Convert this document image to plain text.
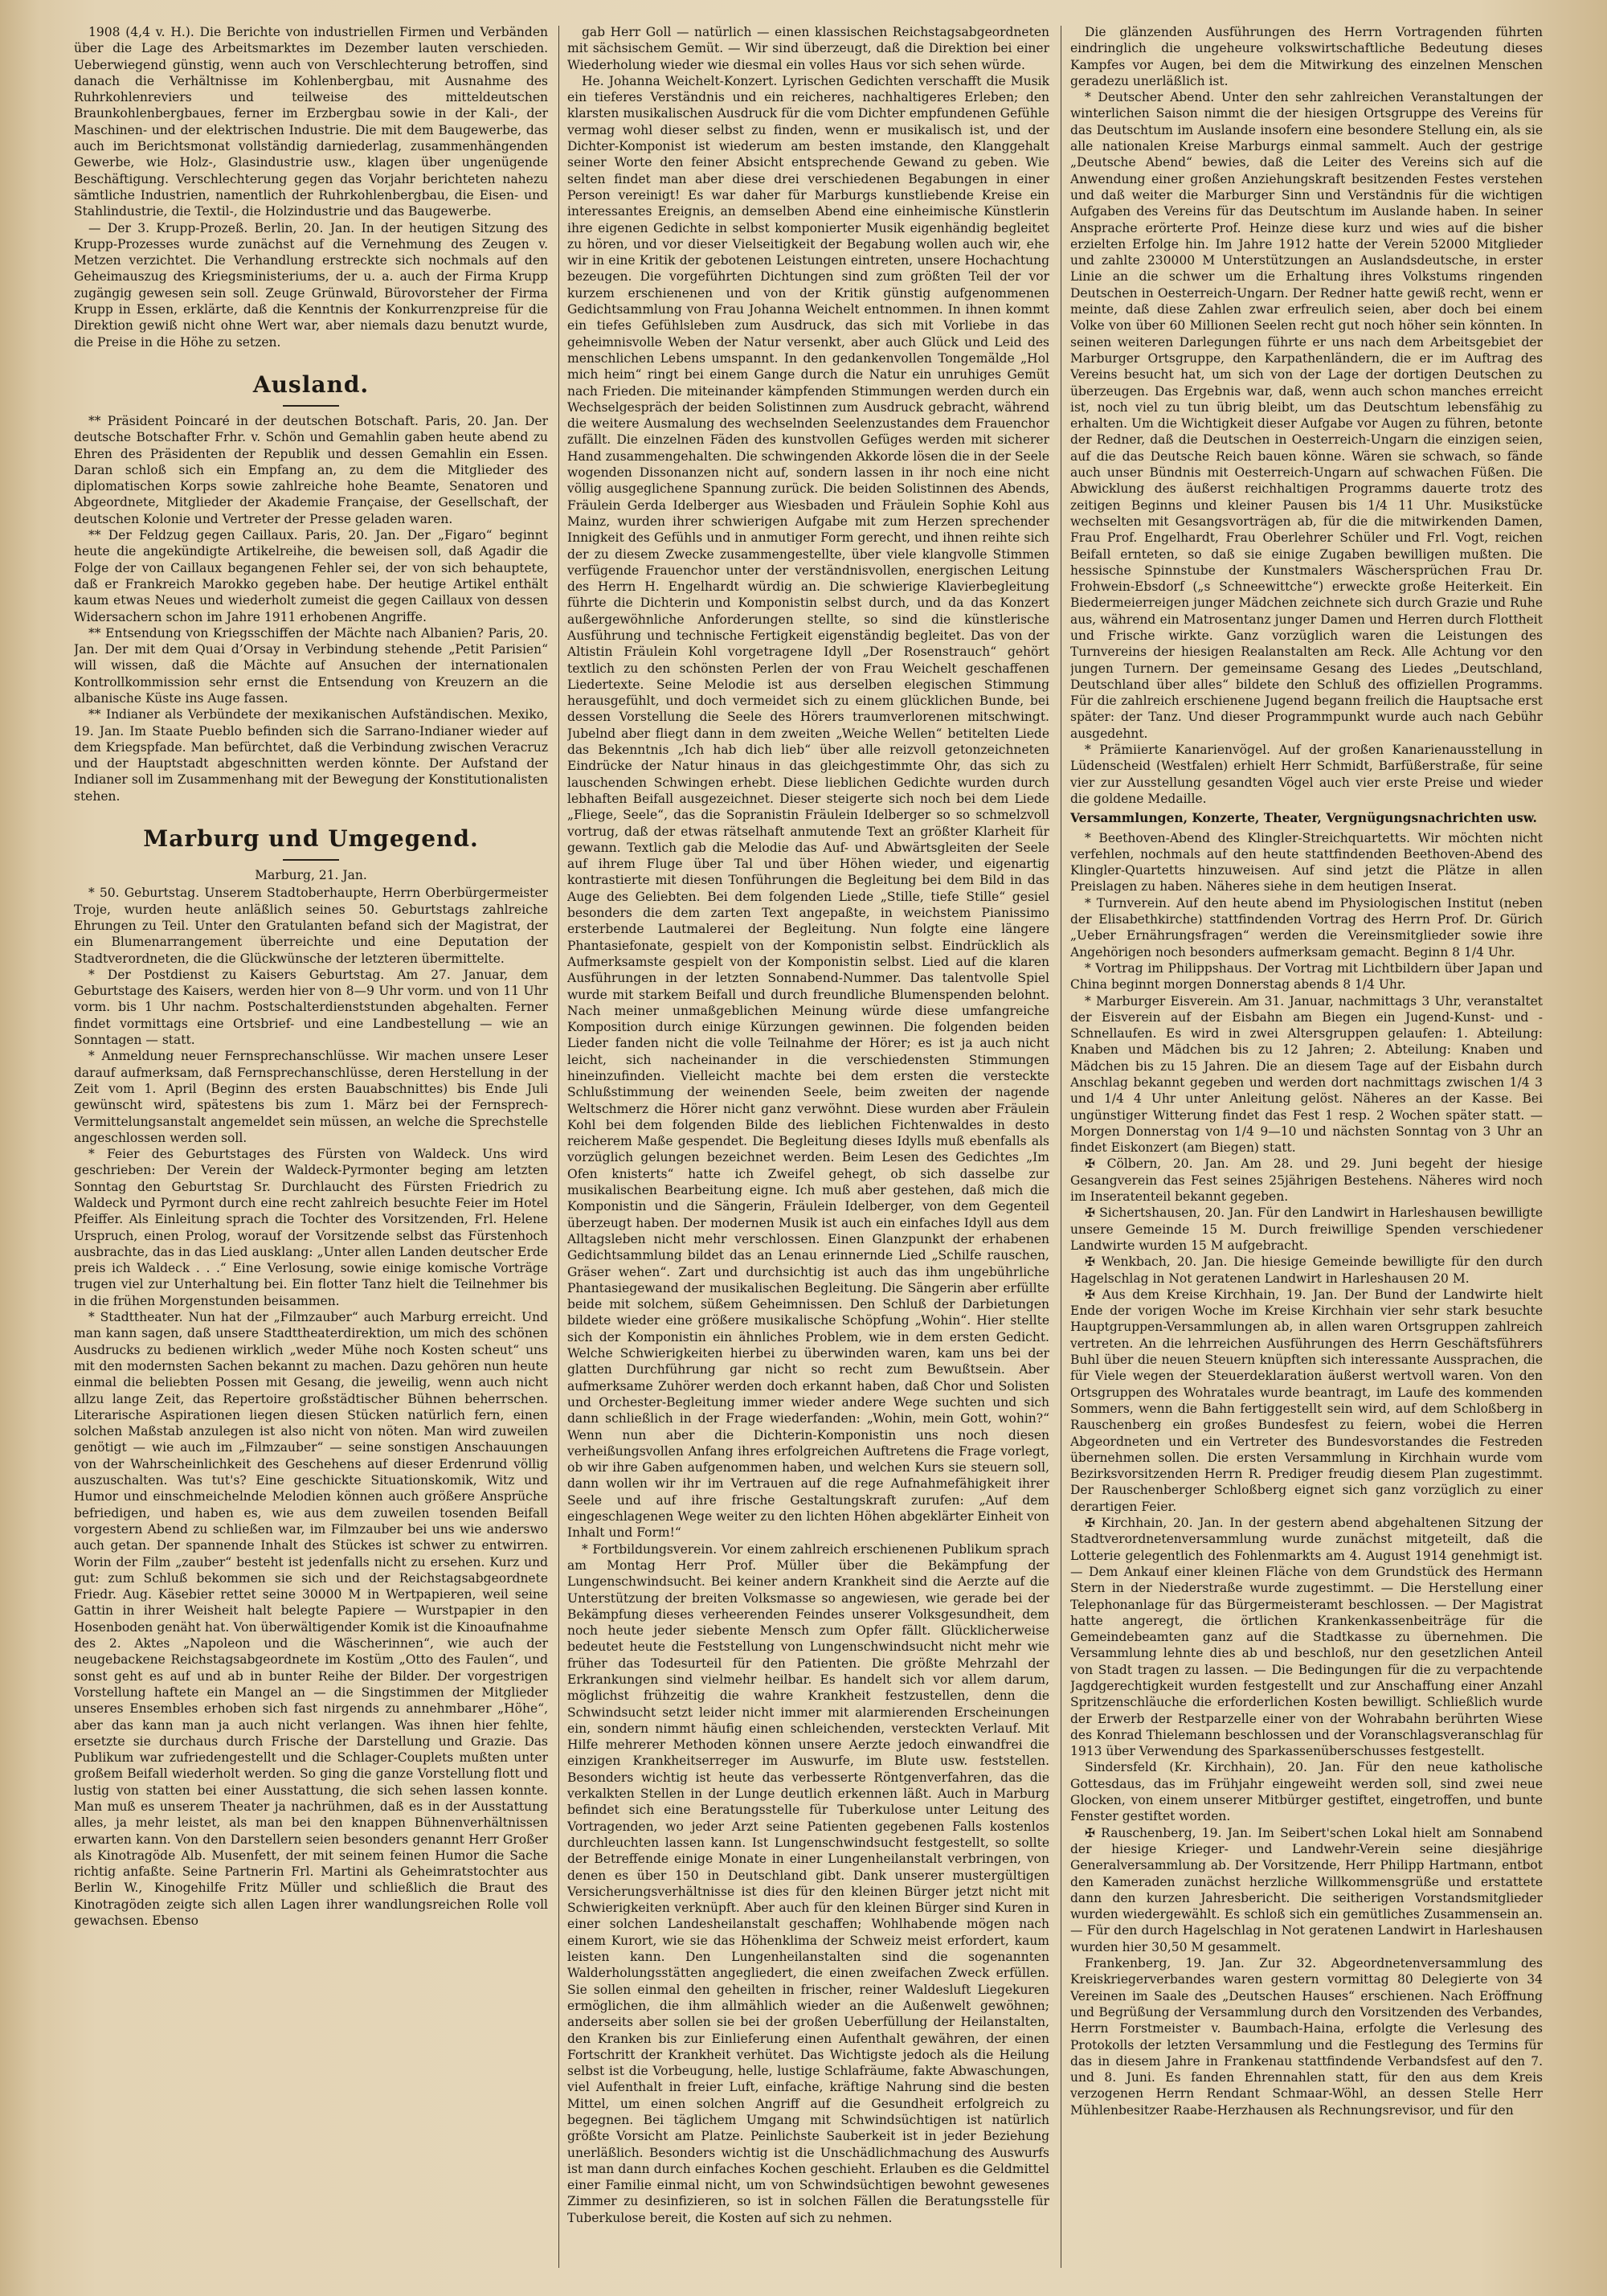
1908 (4,4 v. H.). Die Berichte von industriellen Firmen und Verbänden über die Lage des Arbeitsmarktes im Dezember lauten verschieden. Ueberwiegend günstig, wenn auch von Verschlechterung betroffen, sind danach die Verhältnisse im Kohlenbergbau, mit Ausnahme des Ruhrkohlenreviers und teilweise des mitteldeutschen Braunkohlenbergbaues, ferner im Erzbergbau sowie in der Kali-, der Maschinen- und der elektrischen Industrie. Die mit dem Baugewerbe, das auch im Berichtsmonat vollständig darniederlag, zusammenhängenden Gewerbe, wie Holz-, Glasindustrie usw., klagen über ungenügende Beschäftigung. Verschlechterung gegen das Vorjahr berichteten nahezu sämtliche Industrien, namentlich der Ruhrkohlenbergbau, die Eisen- und Stahlindustrie, die Textil-, die Holzindustrie und das Baugewerbe.

— Der 3. Krupp-Prozeß. Berlin, 20. Jan. In der heutigen Sitzung des Krupp-Prozesses wurde zunächst auf die Vernehmung des Zeugen v. Metzen verzichtet. Die Verhandlung erstreckte sich nochmals auf den Geheimauszug des Kriegsministeriums, der u. a. auch der Firma Krupp zugängig gewesen sein soll. Zeuge Grünwald, Bürovorsteher der Firma Krupp in Essen, erklärte, daß die Kenntnis der Konkurrenzpreise für die Direktion gewiß nicht ohne Wert war, aber niemals dazu benutzt wurde, die Preise in die Höhe zu setzen.

Ausland.

** Präsident Poincaré in der deutschen Botschaft. Paris, 20. Jan. Der deutsche Botschafter Frhr. v. Schön und Gemahlin gaben heute abend zu Ehren des Präsidenten der Republik und dessen Gemahlin ein Essen. Daran schloß sich ein Empfang an, zu dem die Mitglieder des diplomatischen Korps sowie zahlreiche hohe Beamte, Senatoren und Abgeordnete, Mitglieder der Akademie Française, der Gesellschaft, der deutschen Kolonie und Vertreter der Presse geladen waren.

** Der Feldzug gegen Caillaux. Paris, 20. Jan. Der „Figaro“ beginnt heute die angekündigte Artikelreihe, die beweisen soll, daß Agadir die Folge der von Caillaux begangenen Fehler sei, der von sich behauptete, daß er Frankreich Marokko gegeben habe. Der heutige Artikel enthält kaum etwas Neues und wiederholt zumeist die gegen Caillaux von dessen Widersachern schon im Jahre 1911 erhobenen Angriffe.

** Entsendung von Kriegsschiffen der Mächte nach Albanien? Paris, 20. Jan. Der mit dem Quai d’Orsay in Verbindung stehende „Petit Parisien“ will wissen, daß die Mächte auf Ansuchen der internationalen Kontrollkommission sehr ernst die Entsendung von Kreuzern an die albanische Küste ins Auge fassen.

** Indianer als Verbündete der mexikanischen Aufständischen. Mexiko, 19. Jan. Im Staate Pueblo befinden sich die Sarrano-Indianer wieder auf dem Kriegspfade. Man befürchtet, daß die Verbindung zwischen Veracruz und der Hauptstadt abgeschnitten werden könnte. Der Aufstand der Indianer soll im Zusammenhang mit der Bewegung der Konstitutionalisten stehen.

Marburg und Umgegend.
Marburg, 21. Jan.

* 50. Geburtstag. Unserem Stadtoberhaupte, Herrn Oberbürgermeister Troje, wurden heute anläßlich seines 50. Geburtstags zahlreiche Ehrungen zu Teil. Unter den Gratulanten befand sich der Magistrat, der ein Blumenarrangement überreichte und eine Deputation der Stadtverordneten, die die Glückwünsche der letzteren übermittelte.

* Der Postdienst zu Kaisers Geburtstag. Am 27. Januar, dem Geburtstage des Kaisers, werden hier von 8—9 Uhr vorm. und von 11 Uhr vorm. bis 1 Uhr nachm. Postschalterdienststunden abgehalten. Ferner findet vormittags eine Ortsbrief- und eine Landbestellung — wie an Sonntagen — statt.

* Anmeldung neuer Fernsprechanschlüsse. Wir machen unsere Leser darauf aufmerksam, daß Fernsprechanschlüsse, deren Herstellung in der Zeit vom 1. April (Beginn des ersten Bauabschnittes) bis Ende Juli gewünscht wird, spätestens bis zum 1. März bei der Fernsprech-Vermittelungsanstalt angemeldet sein müssen, an welche die Sprechstelle angeschlossen werden soll.

* Feier des Geburtstages des Fürsten von Waldeck. Uns wird geschrieben: Der Verein der Waldeck-Pyrmonter beging am letzten Sonntag den Geburtstag Sr. Durchlaucht des Fürsten Friedrich zu Waldeck und Pyrmont durch eine recht zahlreich besuchte Feier im Hotel Pfeiffer. Als Einleitung sprach die Tochter des Vorsitzenden, Frl. Helene Urspruch, einen Prolog, worauf der Vorsitzende selbst das Fürstenhoch ausbrachte, das in das Lied ausklang: „Unter allen Landen deutscher Erde preis ich Waldeck . . .“ Eine Verlosung, sowie einige komische Vorträge trugen viel zur Unterhaltung bei. Ein flotter Tanz hielt die Teilnehmer bis in die frühen Morgenstunden beisammen.

* Stadttheater. Nun hat der „Filmzauber“ auch Marburg erreicht. Und man kann sagen, daß unsere Stadttheaterdirektion, um mich des schönen Ausdrucks zu bedienen wirklich „weder Mühe noch Kosten scheut“ uns mit den modernsten Sachen bekannt zu machen. Dazu gehören nun heute einmal die beliebten Possen mit Gesang, die jeweilig, wenn auch nicht allzu lange Zeit, das Repertoire großstädtischer Bühnen beherrschen. Literarische Aspirationen liegen diesen Stücken natürlich fern, einen solchen Maßstab anzulegen ist also nicht von nöten. Man wird zuweilen genötigt — wie auch im „Filmzauber“ — seine sonstigen Anschauungen von der Wahrscheinlichkeit des Geschehens auf dieser Erdenrund völlig auszuschalten. Was tut's? Eine geschickte Situationskomik, Witz und Humor und einschmeichelnde Melodien können auch größere Ansprüche befriedigen, und haben es, wie aus dem zuweilen tosenden Beifall vorgestern Abend zu schließen war, im Filmzauber bei uns wie anderswo auch getan. Der spannende Inhalt des Stückes ist schwer zu entwirren. Worin der Film „zauber“ besteht ist jedenfalls nicht zu ersehen. Kurz und gut: zum Schluß bekommen sie sich und der Reichstagsabgeordnete Friedr. Aug. Käsebier rettet seine 30000 M in Wertpapieren, weil seine Gattin in ihrer Weisheit halt belegte Papiere — Wurstpapier in den Hosenboden genäht hat. Von überwältigender Komik ist die Kinoaufnahme des 2. Aktes „Napoleon und die Wäscherinnen“, wie auch der neugebackene Reichstagsabgeordnete im Kostüm „Otto des Faulen“, und sonst geht es auf und ab in bunter Reihe der Bilder. Der vorgestrigen Vorstellung haftete ein Mangel an — die Singstimmen der Mitglieder unseres Ensembles erhoben sich fast nirgends zu annehmbarer „Höhe“, aber das kann man ja auch nicht verlangen. Was ihnen hier fehlte, ersetzte sie durchaus durch Frische der Darstellung und Grazie. Das Publikum war zufriedengestellt und die Schlager-Couplets mußten unter großem Beifall wiederholt werden. So ging die ganze Vorstellung flott und lustig von statten bei einer Ausstattung, die sich sehen lassen konnte. Man muß es unserem Theater ja nachrühmen, daß es in der Ausstattung alles, ja mehr leistet, als man bei den knappen Bühnenverhältnissen erwarten kann. Von den Darstellern seien besonders genannt Herr Großer als Kinotragöde Alb. Musenfett, der mit seinem feinen Humor die Sache richtig anfaßte. Seine Partnerin Frl. Martini als Geheimratstochter aus Berlin W., Kinogehilfe Fritz Müller und schließlich die Braut des Kinotragöden zeigte sich allen Lagen ihrer wandlungsreichen Rolle voll gewachsen. Ebenso

gab Herr Goll — natürlich — einen klassischen Reichstagsabgeordneten mit sächsischem Gemüt. — Wir sind überzeugt, daß die Direktion bei einer Wiederholung wieder wie diesmal ein volles Haus vor sich sehen würde.

He. Johanna Weichelt-Konzert. Lyrischen Gedichten verschafft die Musik ein tieferes Verständnis und ein reicheres, nachhaltigeres Erleben; den klarsten musikalischen Ausdruck für die vom Dichter empfundenen Gefühle vermag wohl dieser selbst zu finden, wenn er musikalisch ist, und der Dichter-Komponist ist wiederum am besten imstande, den Klanggehalt seiner Worte den feiner Absicht entsprechende Gewand zu geben. Wie selten findet man aber diese drei verschiedenen Begabungen in einer Person vereinigt! Es war daher für Marburgs kunstliebende Kreise ein interessantes Ereignis, an demselben Abend eine einheimische Künstlerin ihre eigenen Gedichte in selbst komponierter Musik eigenhändig begleitet zu hören, und vor dieser Vielseitigkeit der Begabung wollen auch wir, ehe wir in eine Kritik der gebotenen Leistungen eintreten, unsere Hochachtung bezeugen. Die vorgeführten Dichtungen sind zum größten Teil der vor kurzem erschienenen und von der Kritik günstig aufgenommenen Gedichtsammlung von Frau Johanna Weichelt entnommen. In ihnen kommt ein tiefes Gefühlsleben zum Ausdruck, das sich mit Vorliebe in das geheimnisvolle Weben der Natur versenkt, aber auch Glück und Leid des menschlichen Lebens umspannt. In den gedankenvollen Tongemälde „Hol mich heim“ ringt bei einem Gange durch die Natur ein unruhiges Gemüt nach Frieden. Die miteinander kämpfenden Stimmungen werden durch ein Wechselgespräch der beiden Solistinnen zum Ausdruck gebracht, während die weitere Ausmalung des wechselnden Seelenzustandes dem Frauenchor zufällt. Die einzelnen Fäden des kunstvollen Gefüges werden mit sicherer Hand zusammengehalten. Die schwingenden Akkorde lösen die in der Seele wogenden Dissonanzen nicht auf, sondern lassen in ihr noch eine nicht völlig ausgeglichene Spannung zurück. Die beiden Solistinnen des Abends, Fräulein Gerda Idelberger aus Wiesbaden und Fräulein Sophie Kohl aus Mainz, wurden ihrer schwierigen Aufgabe mit zum Herzen sprechender Innigkeit des Gefühls und in anmutiger Form gerecht, und ihnen reihte sich der zu diesem Zwecke zusammengestellte, über viele klangvolle Stimmen verfügende Frauenchor unter der verständnisvollen, energischen Leitung des Herrn H. Engelhardt würdig an. Die schwierige Klavierbegleitung führte die Dichterin und Komponistin selbst durch, und da das Konzert außergewöhnliche Anforderungen stellte, so sind die künstlerische Ausführung und technische Fertigkeit eigenständig begleitet. Das von der Altistin Fräulein Kohl vorgetragene Idyll „Der Rosenstrauch“ gehört textlich zu den schönsten Perlen der von Frau Weichelt geschaffenen Liedertexte. Seine Melodie ist aus derselben elegischen Stimmung herausgefühlt, und doch vermeidet sich zu einem glücklichen Bunde, bei dessen Vorstellung die Seele des Hörers traumverlorenen mitschwingt. Jubelnd aber fliegt dann in dem zweiten „Weiche Wellen“ betitelten Liede das Bekenntnis „Ich hab dich lieb“ über alle reizvoll getonzeichneten Eindrücke der Natur hinaus in das gleichgestimmte Ohr, das sich zu lauschenden Schwingen erhebt. Diese lieblichen Gedichte wurden durch lebhaften Beifall ausgezeichnet. Dieser steigerte sich noch bei dem Liede „Fliege, Seele“, das die Sopranistin Fräulein Idelberger so so schmelzvoll vortrug, daß der etwas rätselhaft anmutende Text an größter Klarheit für gewann. Textlich gab die Melodie das Auf- und Abwärtsgleiten der Seele auf ihrem Fluge über Tal und über Höhen wieder, und eigenartig kontrastierte mit diesen Tonführungen die Begleitung bei dem Bild in das Auge des Geliebten. Bei dem folgenden Liede „Stille, tiefe Stille“ gesiel besonders die dem zarten Text angepaßte, in weichstem Pianissimo ersterbende Lautmalerei der Begleitung. Nun folgte eine längere Phantasiefonate, gespielt von der Komponistin selbst. Eindrücklich als Aufmerksamste gespielt von der Komponistin selbst. Lied auf die klaren Ausführungen in der letzten Sonnabend-Nummer. Das talentvolle Spiel wurde mit starkem Beifall und durch freundliche Blumenspenden belohnt. Nach meiner unmaßgeblichen Meinung würde diese umfangreiche Komposition durch einige Kürzungen gewinnen. Die folgenden beiden Lieder fanden nicht die volle Teilnahme der Hörer; es ist ja auch nicht leicht, sich nacheinander in die verschiedensten Stimmungen hineinzufinden. Vielleicht machte bei dem ersten die versteckte Schlußstimmung der weinenden Seele, beim zweiten der nagende Weltschmerz die Hörer nicht ganz verwöhnt. Diese wurden aber Fräulein Kohl bei dem folgenden Bilde des lieblichen Fichtenwaldes in desto reicherem Maße gespendet. Die Begleitung dieses Idylls muß ebenfalls als vorzüglich gelungen bezeichnet werden. Beim Lesen des Gedichtes „Im Ofen knisterts“ hatte ich Zweifel gehegt, ob sich dasselbe zur musikalischen Bearbeitung eigne. Ich muß aber gestehen, daß mich die Komponistin und die Sängerin, Fräulein Idelberger, von dem Gegenteil überzeugt haben. Der modernen Musik ist auch ein einfaches Idyll aus dem Alltagsleben nicht mehr verschlossen. Einen Glanzpunkt der erhabenen Gedichtsammlung bildet das an Lenau erinnernde Lied „Schilfe rauschen, Gräser wehen“. Zart und durchsichtig ist auch das ihm ungebührliche Phantasiegewand der musikalischen Begleitung. Die Sängerin aber erfüllte beide mit solchem, süßem Geheimnissen. Den Schluß der Darbietungen bildete wieder eine größere musikalische Schöpfung „Wohin“. Hier stellte sich der Komponistin ein ähnliches Problem, wie in dem ersten Gedicht. Welche Schwierigkeiten hierbei zu überwinden waren, kam uns bei der glatten Durchführung gar nicht so recht zum Bewußtsein. Aber aufmerksame Zuhörer werden doch erkannt haben, daß Chor und Solisten und Orchester-Begleitung immer wieder andere Wege suchten und sich dann schließlich in der Frage wiederfanden: „Wohin, mein Gott, wohin?“ Wenn nun aber die Dichterin-Komponistin uns noch diesen verheißungsvollen Anfang ihres erfolgreichen Auftretens die Frage vorlegt, ob wir ihre Gaben aufgenommen haben, und welchen Kurs sie steuern soll, dann wollen wir ihr im Vertrauen auf die rege Aufnahmefähigkeit ihrer Seele und auf ihre frische Gestaltungskraft zurufen: „Auf dem eingeschlagenen Wege weiter zu den lichten Höhen abgeklärter Einheit von Inhalt und Form!“

* Fortbildungsverein. Vor einem zahlreich erschienenen Publikum sprach am Montag Herr Prof. Müller über die Bekämpfung der Lungenschwindsucht. Bei keiner andern Krankheit sind die Aerzte auf die Unterstützung der breiten Volksmasse so angewiesen, wie gerade bei der Bekämpfung dieses verheerenden Feindes unserer Volksgesundheit, dem noch heute jeder siebente Mensch zum Opfer fällt. Glücklicherweise bedeutet heute die Feststellung von Lungenschwindsucht nicht mehr wie früher das Todesurteil für den Patienten. Die größte Mehrzahl der Erkrankungen sind vielmehr heilbar. Es handelt sich vor allem darum, möglichst frühzeitig die wahre Krankheit festzustellen, denn die Schwindsucht setzt leider nicht immer mit alarmierenden Erscheinungen ein, sondern nimmt häufig einen schleichenden, versteckten Verlauf. Mit Hilfe mehrerer Methoden können unsere Aerzte jedoch einwandfrei die einzigen Krankheitserreger im Auswurfe, im Blute usw. feststellen. Besonders wichtig ist heute das verbesserte Röntgenverfahren, das die verkalkten Stellen in der Lunge deutlich erkennen läßt. Auch in Marburg befindet sich eine Beratungsstelle für Tuberkulose unter Leitung des Vortragenden, wo jeder Arzt seine Patienten gegebenen Falls kostenlos durchleuchten lassen kann. Ist Lungenschwindsucht festgestellt, so sollte der Betreffende einige Monate in einer Lungenheilanstalt verbringen, von denen es über 150 in Deutschland gibt. Dank unserer mustergültigen Versicherungsverhältnisse ist dies für den kleinen Bürger jetzt nicht mit Schwierigkeiten verknüpft. Aber auch für den kleinen Bürger sind Kuren in einer solchen Landesheilanstalt geschaffen; Wohlhabende mögen nach einem Kurort, wie sie das Höhenklima der Schweiz meist erfordert, kaum leisten kann. Den Lungenheilanstalten sind die sogenannten Walderholungsstätten angegliedert, die einen zweifachen Zweck erfüllen. Sie sollen einmal den geheilten in frischer, reiner Waldesluft Liegekuren ermöglichen, die ihm allmählich wieder an die Außenwelt gewöhnen; anderseits aber sollen sie bei der großen Ueberfüllung der Heilanstalten, den Kranken bis zur Einlieferung einen Aufenthalt gewähren, der einen Fortschritt der Krankheit verhütet. Das Wichtigste jedoch als die Heilung selbst ist die Vorbeugung, helle, lustige Schlafräume, fakte Abwaschungen, viel Aufenthalt in freier Luft, einfache, kräftige Nahrung sind die besten Mittel, um einen solchen Angriff auf die Gesundheit erfolgreich zu begegnen. Bei täglichem Umgang mit Schwindsüchtigen ist natürlich größte Vorsicht am Platze. Peinlichste Sauberkeit ist in jeder Beziehung unerläßlich. Besonders wichtig ist die Unschädlichmachung des Auswurfs ist man dann durch einfaches Kochen geschieht. Erlauben es die Geldmittel einer Familie einmal nicht, um von Schwindsüchtigen bewohnt gewesenes Zimmer zu desinfizieren, so ist in solchen Fällen die Beratungsstelle für Tuberkulose bereit, die Kosten auf sich zu nehmen.

Die glänzenden Ausführungen des Herrn Vortragenden führten eindringlich die ungeheure volkswirtschaftliche Bedeutung dieses Kampfes vor Augen, bei dem die Mitwirkung des einzelnen Menschen geradezu unerläßlich ist.

* Deutscher Abend. Unter den sehr zahlreichen Veranstaltungen der winterlichen Saison nimmt die der hiesigen Ortsgruppe des Vereins für das Deutschtum im Auslande insofern eine besondere Stellung ein, als sie alle nationalen Kreise Marburgs einmal sammelt. Auch der gestrige „Deutsche Abend“ bewies, daß die Leiter des Vereins sich auf die Anwendung einer großen Anziehungskraft besitzenden Festes verstehen und daß weiter die Marburger Sinn und Verständnis für die wichtigen Aufgaben des Vereins für das Deutschtum im Auslande haben. In seiner Ansprache erörterte Prof. Heinze diese kurz und wies auf die bisher erzielten Erfolge hin. Im Jahre 1912 hatte der Verein 52000 Mitglieder und zahlte 230000 M Unterstützungen an Auslandsdeutsche, in erster Linie an die schwer um die Erhaltung ihres Volkstums ringenden Deutschen in Oesterreich-Ungarn. Der Redner hatte gewiß recht, wenn er meinte, daß diese Zahlen zwar erfreulich seien, aber doch bei einem Volke von über 60 Millionen Seelen recht gut noch höher sein könnten. In seinen weiteren Darlegungen führte er uns nach dem Arbeitsgebiet der Marburger Ortsgruppe, den Karpathenländern, die er im Auftrag des Vereins besucht hat, um sich von der Lage der dortigen Deutschen zu überzeugen. Das Ergebnis war, daß, wenn auch schon manches erreicht ist, noch viel zu tun übrig bleibt, um das Deutschtum lebensfähig zu erhalten. Um die Wichtigkeit dieser Aufgabe vor Augen zu führen, betonte der Redner, daß die Deutschen in Oesterreich-Ungarn die einzigen seien, auf die das Deutsche Reich bauen könne. Wären sie schwach, so fände auch unser Bündnis mit Oesterreich-Ungarn auf schwachen Füßen. Die Abwicklung des äußerst reichhaltigen Programms dauerte trotz des zeitigen Beginns und kleiner Pausen bis 1/4 11 Uhr. Musikstücke wechselten mit Gesangsvorträgen ab, für die die mitwirkenden Damen, Frau Prof. Engelhardt, Frau Oberlehrer Schüler und Frl. Vogt, reichen Beifall ernteten, so daß sie einige Zugaben bewilligen mußten. Die hessische Spinnstube der Kunstmalers Wäschersprüchen Frau Dr. Frohwein-Ebsdorf („s Schneewittche“) erweckte große Heiterkeit. Ein Biedermeierreigen junger Mädchen zeichnete sich durch Grazie und Ruhe aus, während ein Matrosentanz junger Damen und Herren durch Flottheit und Frische wirkte. Ganz vorzüglich waren die Leistungen des Turnvereins der hiesigen Realanstalten am Reck. Alle Achtung vor den jungen Turnern. Der gemeinsame Gesang des Liedes „Deutschland, Deutschland über alles“ bildete den Schluß des offiziellen Programms. Für die zahlreich erschienene Jugend begann freilich die Hauptsache erst später: der Tanz. Und dieser Programmpunkt wurde auch nach Gebühr ausgedehnt.

* Prämiierte Kanarienvögel. Auf der großen Kanarienausstellung in Lüdenscheid (Westfalen) erhielt Herr Schmidt, Barfüßerstraße, für seine vier zur Ausstellung gesandten Vögel auch vier erste Preise und wieder die goldene Medaille.

Versammlungen, Konzerte, Theater, Vergnügungsnachrichten usw.

* Beethoven-Abend des Klingler-Streichquartetts. Wir möchten nicht verfehlen, nochmals auf den heute stattfindenden Beethoven-Abend des Klingler-Quartetts hinzuweisen. Auf sind jetzt die Plätze in allen Preislagen zu haben. Näheres siehe in dem heutigen Inserat.

* Turnverein. Auf den heute abend im Physiologischen Institut (neben der Elisabethkirche) stattfindenden Vortrag des Herrn Prof. Dr. Gürich „Ueber Ernährungsfragen“ werden die Vereinsmitglieder sowie ihre Angehörigen noch besonders aufmerksam gemacht. Beginn 8 1/4 Uhr.

* Vortrag im Philippshaus. Der Vortrag mit Lichtbildern über Japan und China beginnt morgen Donnerstag abends 8 1/4 Uhr.

* Marburger Eisverein. Am 31. Januar, nachmittags 3 Uhr, veranstaltet der Eisverein auf der Eisbahn am Biegen ein Jugend-Kunst- und -Schnellaufen. Es wird in zwei Altersgruppen gelaufen: 1. Abteilung: Knaben und Mädchen bis zu 12 Jahren; 2. Abteilung: Knaben und Mädchen bis zu 15 Jahren. Die an diesem Tage auf der Eisbahn durch Anschlag bekannt gegeben und werden dort nachmittags zwischen 1/4 3 und 1/4 4 Uhr unter Anleitung gelöst. Näheres an der Kasse. Bei ungünstiger Witterung findet das Fest 1 resp. 2 Wochen später statt. — Morgen Donnerstag von 1/4 9—10 und nächsten Sonntag von 3 Uhr an findet Eiskonzert (am Biegen) statt.

✠ Cölbern, 20. Jan. Am 28. und 29. Juni begeht der hiesige Gesangverein das Fest seines 25jährigen Bestehens. Näheres wird noch im Inseratenteil bekannt gegeben.

✠ Sichertshausen, 20. Jan. Für den Landwirt in Harleshausen bewilligte unsere Gemeinde 15 M. Durch freiwillige Spenden verschiedener Landwirte wurden 15 M aufgebracht.

✠ Wenkbach, 20. Jan. Die hiesige Gemeinde bewilligte für den durch Hagelschlag in Not geratenen Landwirt in Harleshausen 20 M.

✠ Aus dem Kreise Kirchhain, 19. Jan. Der Bund der Landwirte hielt Ende der vorigen Woche im Kreise Kirchhain vier sehr stark besuchte Hauptgruppen-Versammlungen ab, in allen waren Ortsgruppen zahlreich vertreten. An die lehrreichen Ausführungen des Herrn Geschäftsführers Buhl über die neuen Steuern knüpften sich interessante Aussprachen, die für Viele wegen der Steuerdeklaration äußerst wertvoll waren. Von den Ortsgruppen des Wohratales wurde beantragt, im Laufe des kommenden Sommers, wenn die Bahn fertiggestellt sein wird, auf dem Schloßberg in Rauschenberg ein großes Bundesfest zu feiern, wobei die Herren Abgeordneten und ein Vertreter des Bundesvorstandes die Festreden übernehmen sollen. Die ersten Versammlung in Kirchhain wurde vom Bezirksvorsitzenden Herrn R. Prediger freudig diesem Plan zugestimmt. Der Rauschenberger Schloßberg eignet sich ganz vorzüglich zu einer derartigen Feier.

✠ Kirchhain, 20. Jan. In der gestern abend abgehaltenen Sitzung der Stadtverordnetenversammlung wurde zunächst mitgeteilt, daß die Lotterie gelegentlich des Fohlenmarkts am 4. August 1914 genehmigt ist. — Dem Ankauf einer kleinen Fläche von dem Grundstück des Hermann Stern in der Niederstraße wurde zugestimmt. — Die Herstellung einer Telephonanlage für das Bürgermeisteramt beschlossen. — Der Magistrat hatte angeregt, die örtlichen Krankenkassenbeiträge für die Gemeindebeamten ganz auf die Stadtkasse zu übernehmen. Die Versammlung lehnte dies ab und beschloß, nur den gesetzlichen Anteil von Stadt tragen zu lassen. — Die Bedingungen für die zu verpachtende Jagdgerechtigkeit wurden festgestellt und zur Anschaffung einer Anzahl Spritzenschläuche die erforderlichen Kosten bewilligt. Schließlich wurde der Erwerb der Restparzelle einer von der Wohrabahn berührten Wiese des Konrad Thielemann beschlossen und der Voranschlagsveranschlag für 1913 über Verwendung des Sparkassenüberschusses festgestellt.

Sindersfeld (Kr. Kirchhain), 20. Jan. Für den neue katholische Gottesdaus, das im Frühjahr eingeweiht werden soll, sind zwei neue Glocken, von einem unserer Mitbürger gestiftet, eingetroffen, und bunte Fenster gestiftet worden.

✠ Rauschenberg, 19. Jan. Im Seibert'schen Lokal hielt am Sonnabend der hiesige Krieger- und Landwehr-Verein seine diesjährige Generalversammlung ab. Der Vorsitzende, Herr Philipp Hartmann, entbot den Kameraden zunächst herzliche Willkommensgrüße und erstattete dann den kurzen Jahresbericht. Die seitherigen Vorstandsmitglieder wurden wiedergewählt. Es schloß sich ein gemütliches Zusammensein an. — Für den durch Hagelschlag in Not geratenen Landwirt in Harleshausen wurden hier 30,50 M gesammelt.

Frankenberg, 19. Jan. Zur 32. Abgeordnetenversammlung des Kreiskriegerverbandes waren gestern vormittag 80 Delegierte von 34 Vereinen im Saale des „Deutschen Hauses“ erschienen. Nach Eröffnung und Begrüßung der Versammlung durch den Vorsitzenden des Verbandes, Herrn Forstmeister v. Baumbach-Haina, erfolgte die Verlesung des Protokolls der letzten Versammlung und die Festlegung des Termins für das in diesem Jahre in Frankenau stattfindende Verbandsfest auf den 7. und 8. Juni. Es fanden Ehrennahlen statt, für den aus dem Kreis verzogenen Herrn Rendant Schmaar-Wöhl, an dessen Stelle Herr Mühlenbesitzer Raabe-Herzhausen als Rechnungsrevisor, und für den
